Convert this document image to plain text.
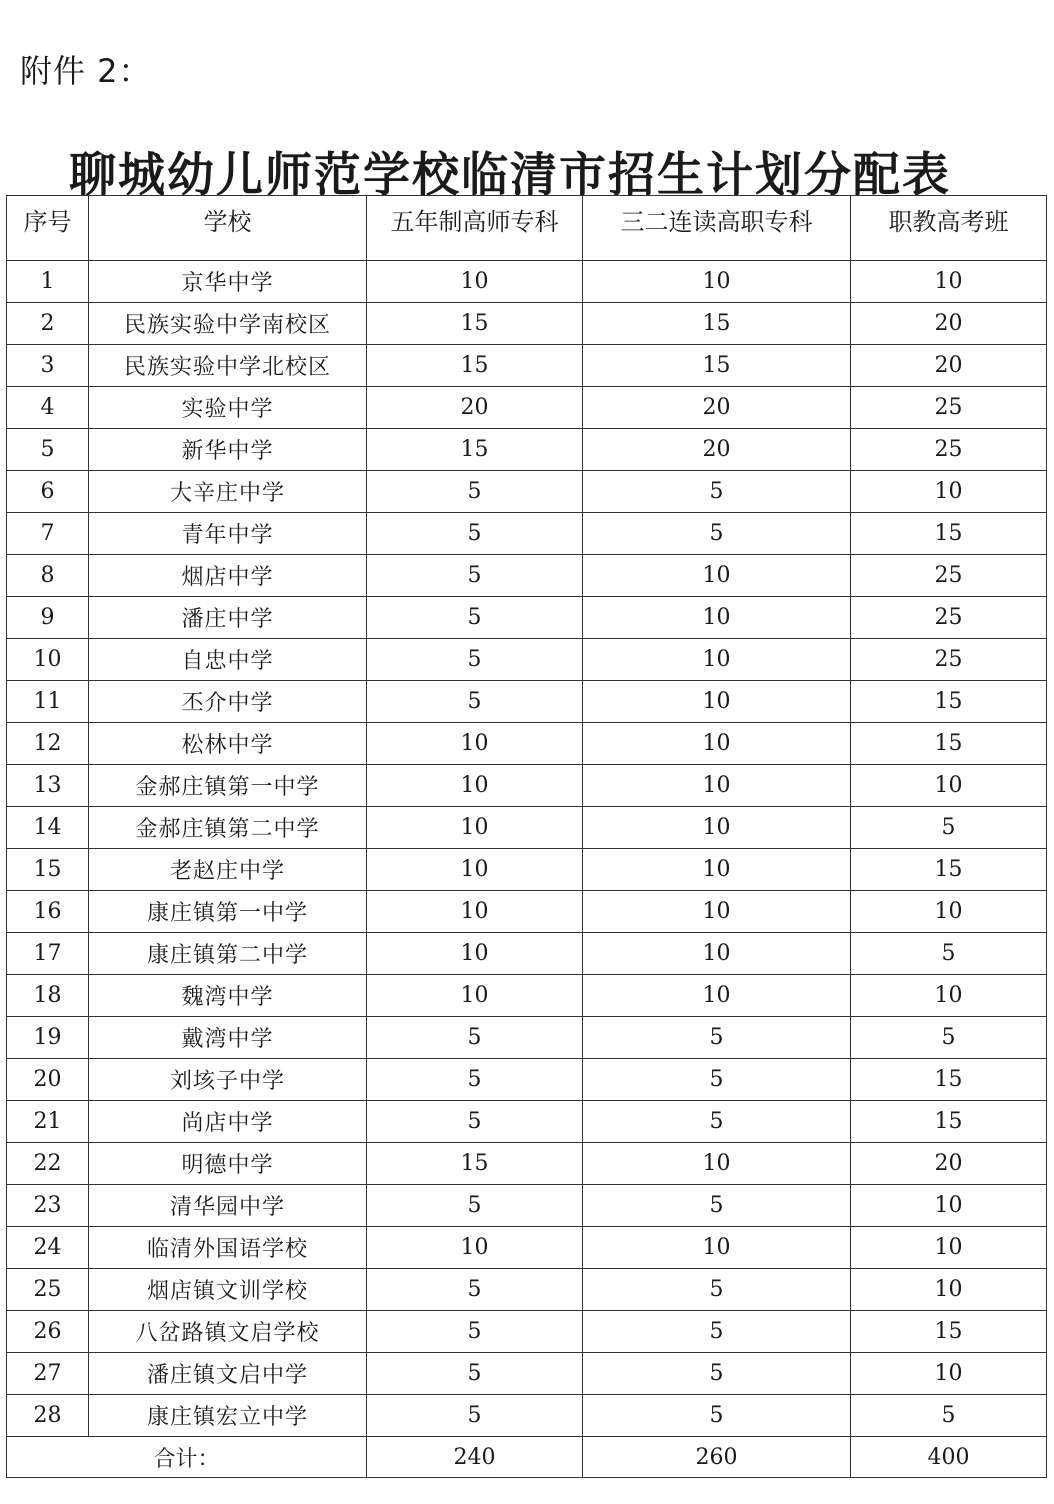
附件 2：
聊城幼儿师范学校临清市招生计划分配表
序号	学校	五年制高师专科	三二连读高职专科	职教高考班
1	京华中学	10	10	10
2	民族实验中学南校区	15	15	20
3	民族实验中学北校区	15	15	20
4	实验中学	20	20	25
5	新华中学	15	20	25
6	大辛庄中学	5	5	10
7	青年中学	5	5	15
8	烟店中学	5	10	25
9	潘庄中学	5	10	25
10	自忠中学	5	10	25
11	丕介中学	5	10	15
12	松林中学	10	10	15
13	金郝庄镇第一中学	10	10	10
14	金郝庄镇第二中学	10	10	5
15	老赵庄中学	10	10	15
16	康庄镇第一中学	10	10	10
17	康庄镇第二中学	10	10	5
18	魏湾中学	10	10	10
19	戴湾中学	5	5	5
20	刘垓子中学	5	5	15
21	尚店中学	5	5	15
22	明德中学	15	10	20
23	清华园中学	5	5	10
24	临清外国语学校	10	10	10
25	烟店镇文训学校	5	5	10
26	八岔路镇文启学校	5	5	15
27	潘庄镇文启中学	5	5	10
28	康庄镇宏立中学	5	5	5
合计：		240	260	400
